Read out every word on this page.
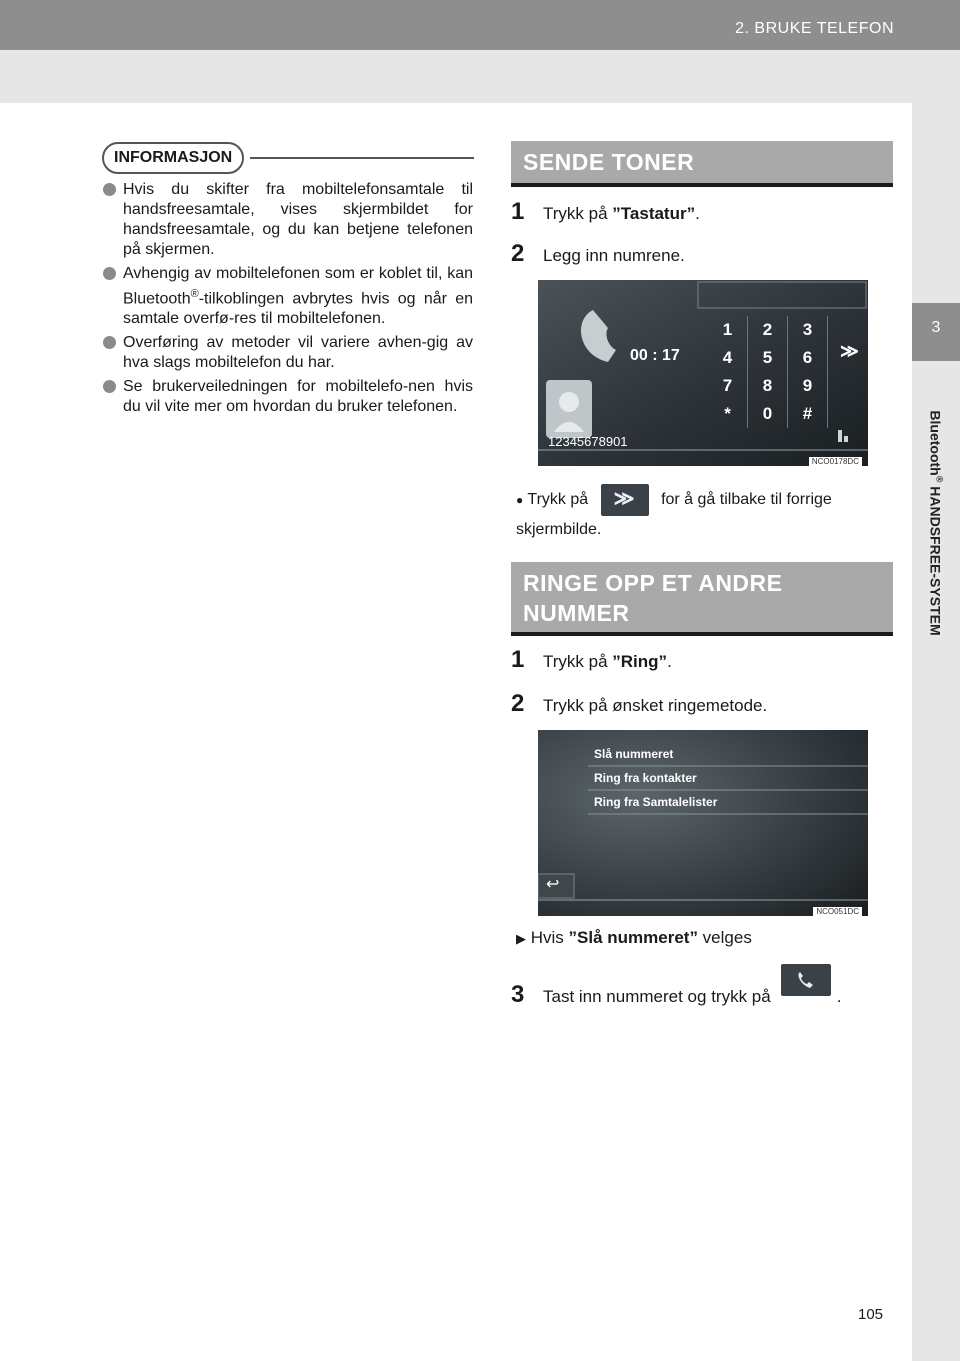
2. BRUKE TELEFON
3
Bluetooth® HANDSFREE-SYSTEM
INFORMASJON
Hvis du skifter fra mobiltelefonsamtale til handsfreesamtale, vises skjermbildet for handsfreesamtale, og du kan betjene telefonen på skjermen.
Avhengig av mobiltelefonen som er koblet til, kan Bluetooth®-tilkoblingen avbrytes hvis og når en samtale overfø-res til mobiltelefonen.
Overføring av metoder vil variere avhen-gig av hva slags mobiltelefon du har.
Se brukerveiledningen for mobiltelefo-nen hvis du vil vite mer om hvordan du bruker telefonen.
SENDE TONER
1	Trykk på ”Tastatur”.
2	Legg inn numrene.
12345678901
00 : 17	≫
1	2	3
4	5	6
7	8	9
*	0	#
NCO0178DC
● Trykk på ≫ for å gå tilbake til forrige skjermbilde.
RINGE OPP ET ANDRE
NUMMER
1	Trykk på ”Ring”.
2	Trykk på ønsket ringemetode.
Slå nummeret
Ring fra kontakter
Ring fra Samtalelister
↩
NCO051DC
▶ Hvis ”Slå nummeret” velges
3	Tast inn nummeret og trykk på	.
105
